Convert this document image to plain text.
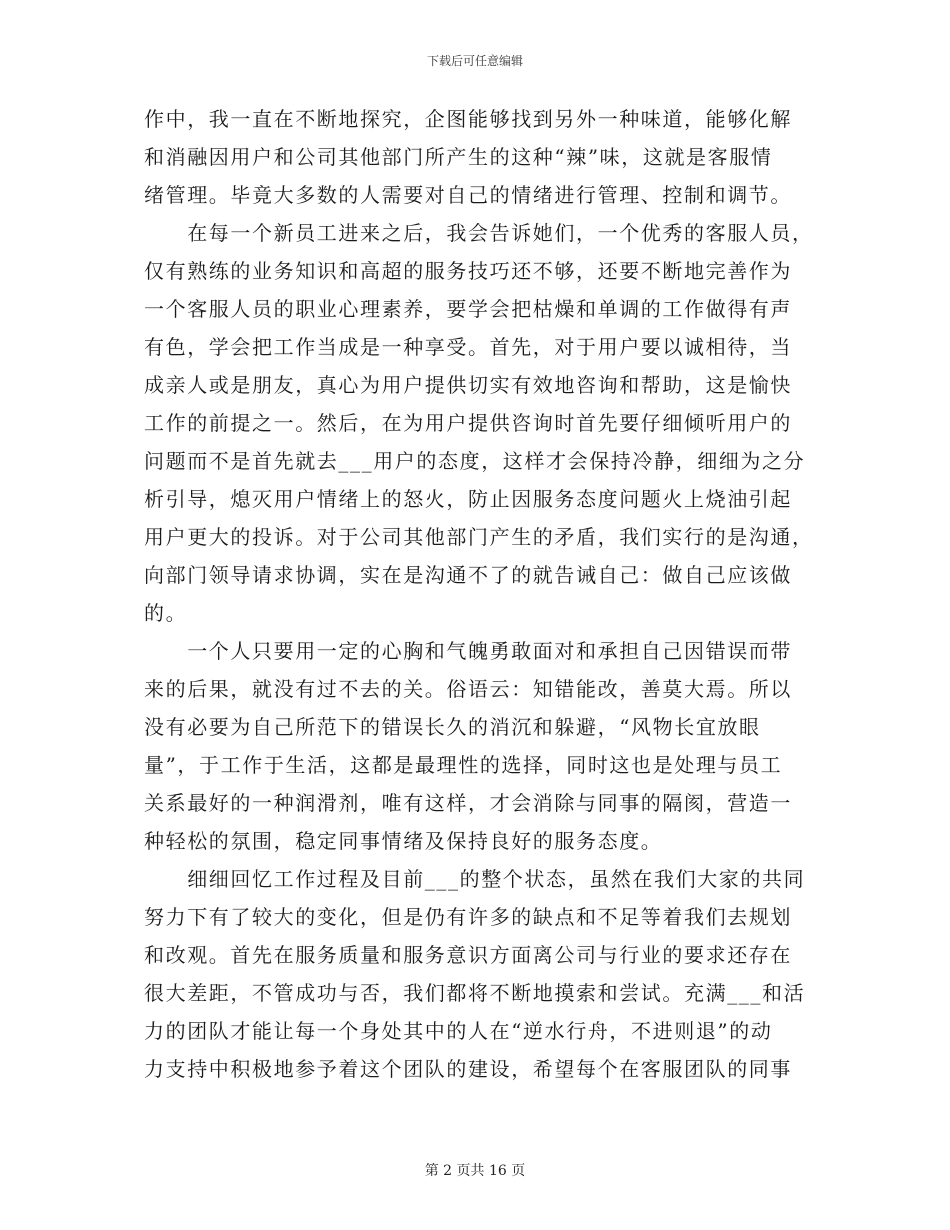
下载后可任意编辑
作中，我一直在不断地探究，企图能够找到另外一种味道，能够化解
和消融因用户和公司其他部门所产生的这种“辣”味，这就是客服情
绪管理。毕竟大多数的人需要对自己的情绪进行管理、控制和调节。
　　在每一个新员工进来之后，我会告诉她们，一个优秀的客服人员，
仅有熟练的业务知识和高超的服务技巧还不够，还要不断地完善作为
一个客服人员的职业心理素养，要学会把枯燥和单调的工作做得有声
有色，学会把工作当成是一种享受。首先，对于用户要以诚相待，当
成亲人或是朋友，真心为用户提供切实有效地咨询和帮助，这是愉快
工作的前提之一。然后，在为用户提供咨询时首先要仔细倾听用户的
问题而不是首先就去___用户的态度，这样才会保持冷静，细细为之分
析引导，熄灭用户情绪上的怒火，防止因服务态度问题火上烧油引起
用户更大的投诉。对于公司其他部门产生的矛盾，我们实行的是沟通，
向部门领导请求协调，实在是沟通不了的就告诫自己：做自己应该做
的。
　　一个人只要用一定的心胸和气魄勇敢面对和承担自己因错误而带
来的后果，就没有过不去的关。俗语云：知错能改，善莫大焉。所以
没有必要为自己所范下的错误长久的消沉和躲避，“风物长宜放眼
量”，于工作于生活，这都是最理性的选择，同时这也是处理与员工
关系最好的一种润滑剂，唯有这样，才会消除与同事的隔阂，营造一
种轻松的氛围，稳定同事情绪及保持良好的服务态度。
　　细细回忆工作过程及目前___的整个状态，虽然在我们大家的共同
努力下有了较大的变化，但是仍有许多的缺点和不足等着我们去规划
和改观。首先在服务质量和服务意识方面离公司与行业的要求还存在
很大差距，不管成功与否，我们都将不断地摸索和尝试。充满___和活
力的团队才能让每一个身处其中的人在“逆水行舟，不进则退”的动
力支持中积极地参予着这个团队的建设，希望每个在客服团队的同事
第 2 页共 16 页
